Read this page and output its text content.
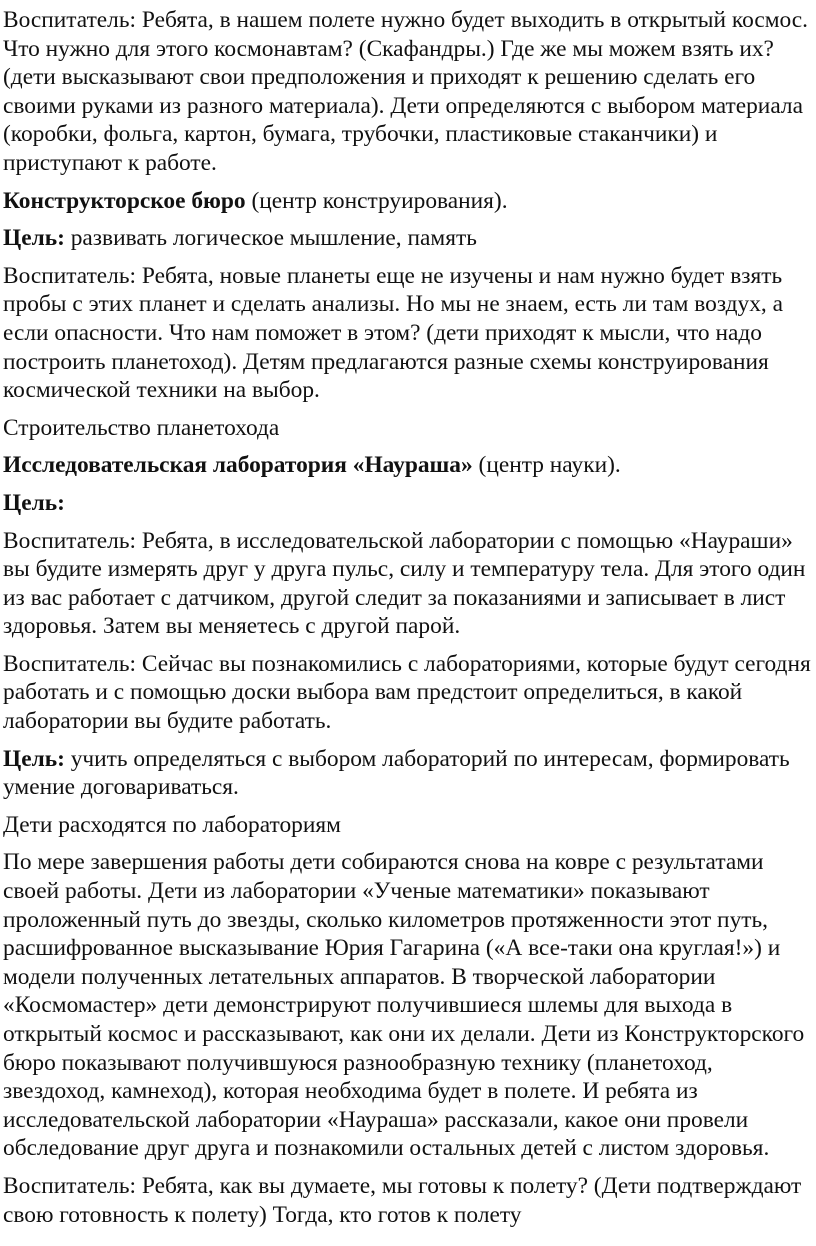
Воспитатель: Ребята, в нашем полете нужно будет выходить в открытый космос. Что нужно для этого космонавтам? (Скафандры.) Где же мы можем взять их? (дети высказывают свои предположения и приходят к решению сделать его своими руками из разного материала). Дети определяются с выбором материала (коробки, фольга, картон, бумага, трубочки, пластиковые стаканчики) и приступают к работе.

Конструкторское бюро (центр конструирования).

Цель: развивать логическое мышление, память

Воспитатель: Ребята, новые планеты еще не изучены и нам нужно будет взять пробы с этих планет и сделать анализы. Но мы не знаем, есть ли там воздух, а если опасности. Что нам поможет в этом? (дети приходят к мысли, что надо построить планетоход). Детям предлагаются разные схемы конструирования космической техники на выбор.

Строительство планетохода

Исследовательская лаборатория «Наураша» (центр науки).

Цель:

Воспитатель: Ребята, в исследовательской лаборатории с помощью «Наураши» вы будите измерять друг у друга пульс, силу и температуру тела. Для этого один из вас работает с датчиком, другой следит за показаниями и записывает в лист здоровья. Затем вы меняетесь с другой парой.

Воспитатель: Сейчас вы познакомились с лабораториями, которые будут сегодня работать и с помощью доски выбора вам предстоит определиться, в какой лаборатории вы будите работать.

Цель: учить определяться с выбором лабораторий по интересам, формировать умение договариваться.

Дети расходятся по лабораториям

По мере завершения работы дети собираются снова на ковре с результатами своей работы. Дети из лаборатории «Ученые математики» показывают проложенный путь до звезды, сколько километров протяженности этот путь, расшифрованное высказывание Юрия Гагарина («А все-таки она круглая!») и модели полученных летательных аппаратов. В творческой лаборатории «Космомастер» дети демонстрируют получившиеся шлемы для выхода в открытый космос и рассказывают, как они их делали. Дети из Конструкторского бюро показывают получившуюся разнообразную технику (планетоход, звездоход, камнеход), которая необходима будет в полете. И ребята из исследовательской лаборатории «Наураша» рассказали, какое они провели обследование друг друга и познакомили остальных детей с листом здоровья.

Воспитатель: Ребята, как вы думаете, мы готовы к полету? (Дети подтверждают свою готовность к полету) Тогда, кто готов к полету
